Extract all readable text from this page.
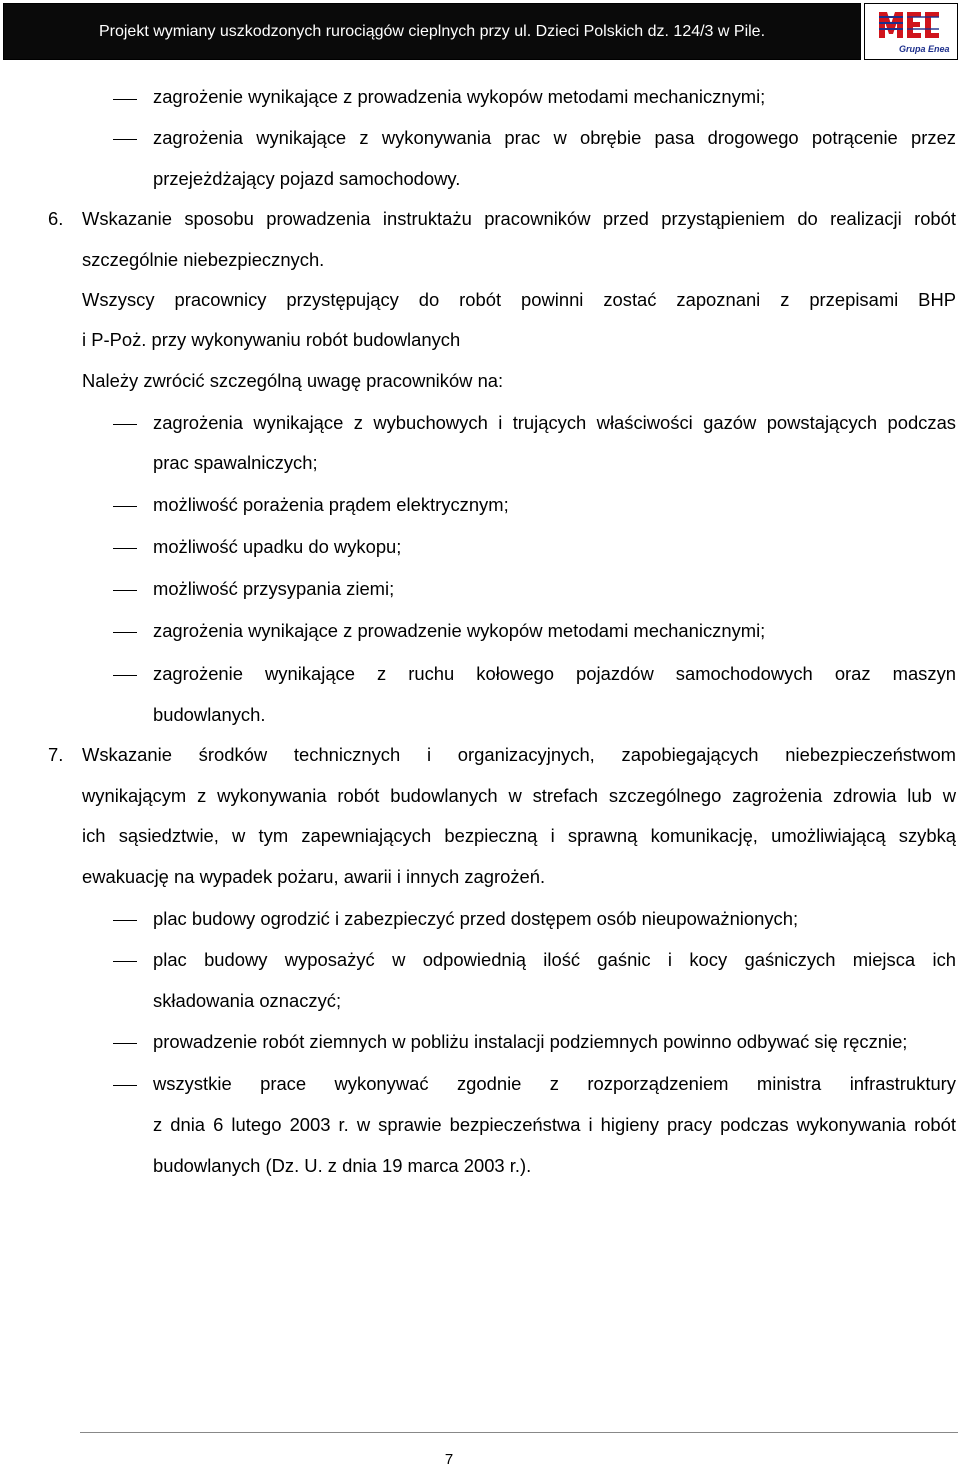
Projekt wymiany uszkodzonych rurociągów cieplnych przy ul. Dzieci Polskich dz. 124/3 w Pile.
Grupa Enea
zagrożenie wynikające z prowadzenia wykopów metodami mechanicznymi;
zagrożenia wynikające z wykonywania prac w obrębie pasa drogowego potrącenie przez
przejeżdżający pojazd samochodowy.
6. Wskazanie sposobu prowadzenia instruktażu pracowników przed przystąpieniem do realizacji robót
szczególnie niebezpiecznych.
Wszyscy pracownicy przystępujący do robót powinni zostać zapoznani z przepisami BHP
i P-Poż. przy wykonywaniu robót budowlanych
Należy zwrócić szczególną uwagę pracowników na:
zagrożenia wynikające z wybuchowych i trujących właściwości gazów powstających podczas
prac spawalniczych;
możliwość porażenia prądem elektrycznym;
możliwość upadku do wykopu;
możliwość przysypania ziemi;
zagrożenia wynikające z prowadzenie wykopów metodami mechanicznymi;
zagrożenie wynikające z ruchu kołowego pojazdów samochodowych oraz maszyn
budowlanych.
7. Wskazanie środków technicznych i organizacyjnych, zapobiegających niebezpieczeństwom
wynikającym z wykonywania robót budowlanych w strefach szczególnego zagrożenia zdrowia lub w
ich sąsiedztwie, w tym zapewniających bezpieczną i sprawną komunikację, umożliwiającą szybką
ewakuację na wypadek pożaru, awarii i innych zagrożeń.
plac budowy ogrodzić i zabezpieczyć przed dostępem osób nieupoważnionych;
plac budowy wyposażyć w odpowiednią ilość gaśnic i kocy gaśniczych miejsca ich
składowania oznaczyć;
prowadzenie robót ziemnych w pobliżu instalacji podziemnych powinno odbywać się ręcznie;
wszystkie prace wykonywać zgodnie z rozporządzeniem ministra infrastruktury
z dnia 6 lutego 2003 r. w sprawie bezpieczeństwa i higieny pracy podczas wykonywania robót
budowlanych (Dz. U. z dnia 19 marca 2003 r.).
7
